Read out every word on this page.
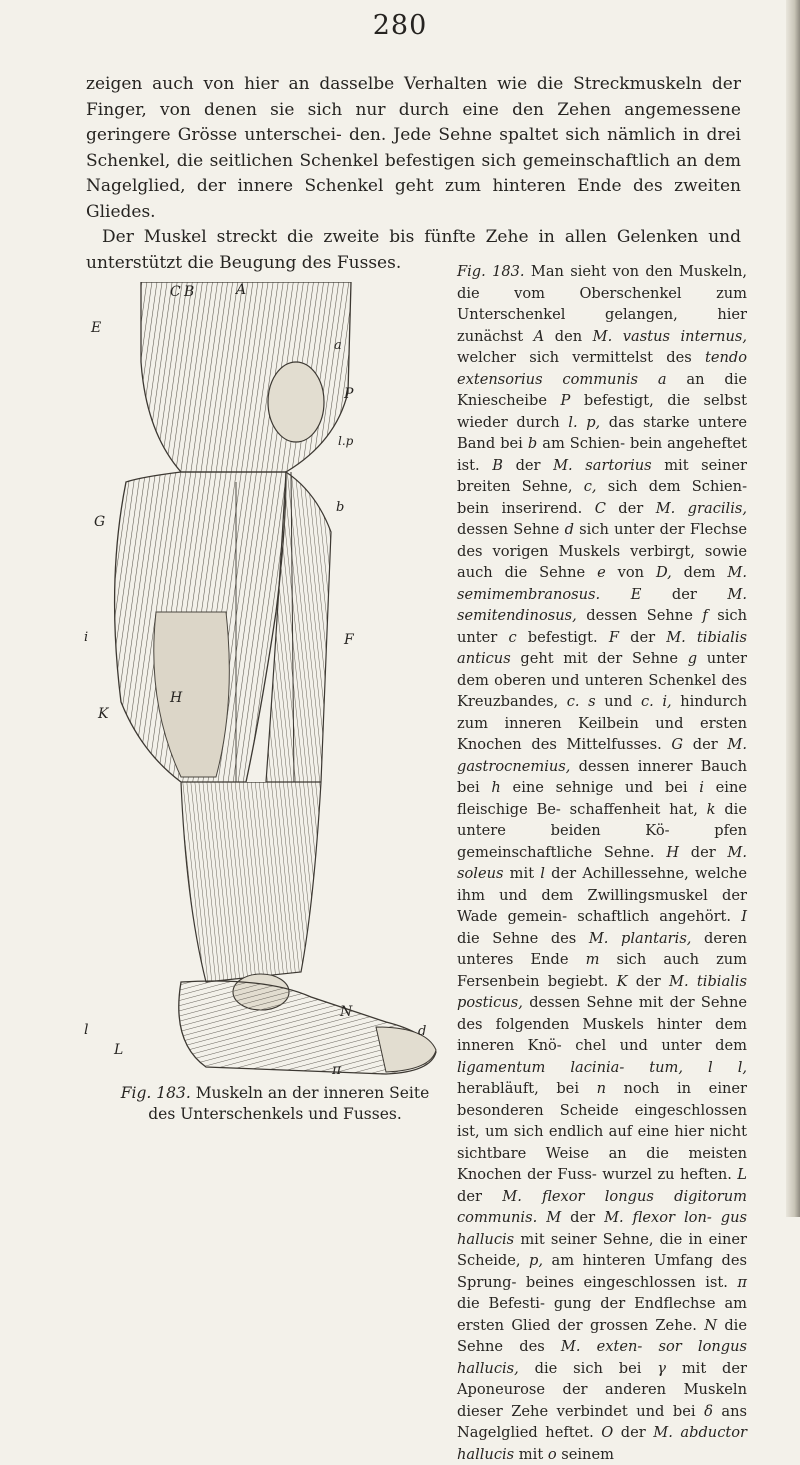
280

zeigen auch von hier an dasselbe Verhalten wie die Streckmuskeln der Finger, von denen sie sich nur durch eine den Zehen angemessene geringere Grösse unterschei- den. Jede Sehne spaltet sich nämlich in drei Schenkel, die seitlichen Schenkel befestigen sich gemeinschaftlich an dem Nagelglied, der innere Schenkel geht zum hinteren Ende des zweiten Gliedes.

Der Muskel streckt die zweite bis fünfte Zehe in allen Gelenken und unterstützt die Beugung des Fusses.

C B	A
E
a
P
l.p
b
G
i	F
H
K
l
L
N
d
π
Fig. 183. Muskeln an der inneren Seite des Unterschenkels und Fusses.
Fig. 183. Man sieht von den Muskeln, die vom Oberschenkel zum Unterschenkel gelangen, hier zunächst A den M. vastus internus, welcher sich vermittelst des tendo extensorius communis a an die Kniescheibe P befestigt, die selbst wieder durch l. p, das starke untere Band bei b am Schien- bein angeheftet ist. B der M. sartorius mit seiner breiten Sehne, c, sich dem Schien- bein inserirend. C der M. gracilis, dessen Sehne d sich unter der Flechse des vorigen Muskels verbirgt, sowie auch die Sehne e von D, dem M. semimembranosus. E der M. semitendinosus, dessen Sehne f sich unter c befestigt. F der M. tibialis anticus geht mit der Sehne g unter dem oberen und unteren Schenkel des Kreuzbandes, c. s und c. i, hindurch zum inneren Keilbein und ersten Knochen des Mittelfusses. G der M. gastrocnemius, dessen innerer Bauch bei h eine sehnige und bei i eine fleischige Be- schaffenheit hat, k die untere beiden Kö- pfen gemeinschaftliche Sehne. H der M. soleus mit l der Achillessehne, welche ihm und dem Zwillingsmuskel der Wade gemein- schaftlich angehört. I die Sehne des M. plantaris, deren unteres Ende m sich auch zum Fersenbein begiebt. K der M. tibialis posticus, dessen Sehne mit der Sehne des folgenden Muskels hinter dem inneren Knö- chel und unter dem ligamentum lacinia- tum, l l, herabläuft, bei n noch in einer besonderen Scheide eingeschlossen ist, um sich endlich auf eine hier nicht sichtbare Weise an die meisten Knochen der Fuss- wurzel zu heften. L der M. flexor longus digitorum communis. M der M. flexor lon- gus hallucis mit seiner Sehne, die in einer Scheide, p, am hinteren Umfang des Sprung- beines eingeschlossen ist. π die Befesti- gung der Endflechse am ersten Glied der grossen Zehe. N die Sehne des M. exten- sor longus hallucis, die sich bei γ mit der Aponeurose der anderen Muskeln dieser Zehe verbindet und bei δ ans Nagelglied heftet. O der M. abductor hallucis mit o seinem
